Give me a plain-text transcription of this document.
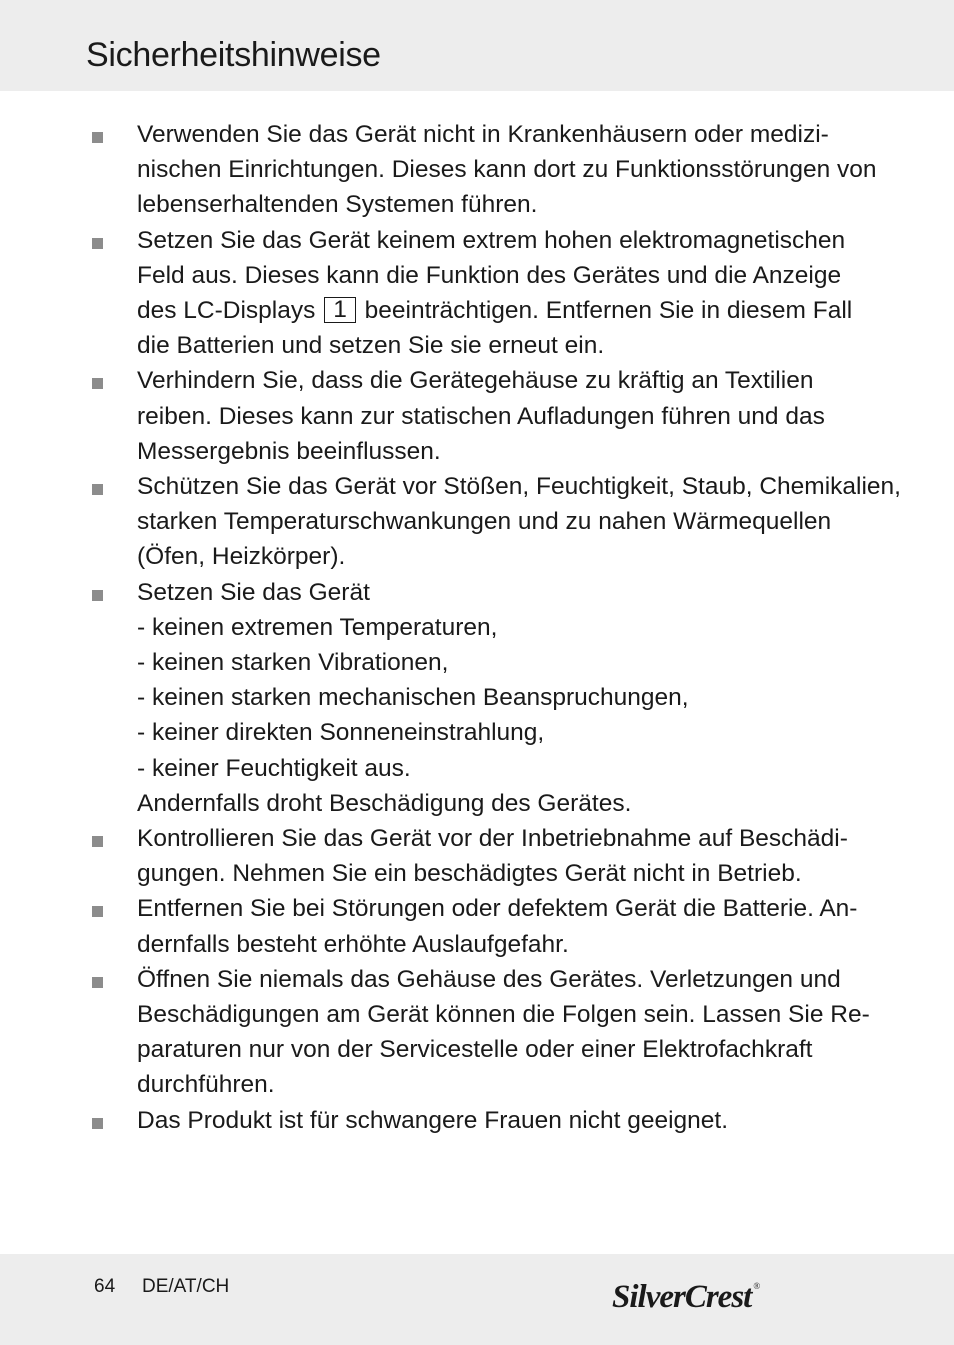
Sicherheitshinweise
Verwenden Sie das Gerät nicht in Krankenhäusern oder medizi-
nischen Einrichtungen. Dieses kann dort zu Funktionsstörungen von
lebenserhaltenden Systemen führen.
Setzen Sie das Gerät keinem extrem hohen elektromagnetischen
Feld aus. Dieses kann die Funktion des Gerätes und die Anzeige
des LC-Displays 1 beeinträchtigen. Entfernen Sie in diesem Fall
die Batterien und setzen Sie sie erneut ein.
Verhindern Sie, dass die Gerätegehäuse zu kräftig an Textilien
reiben. Dieses kann zur statischen Aufladungen führen und das
Messergebnis beeinflussen.
Schützen Sie das Gerät vor Stößen, Feuchtigkeit, Staub, Chemikalien,
starken Temperaturschwankungen und zu nahen Wärmequellen
(Öfen, Heizkörper).
Setzen Sie das Gerät
- keinen extremen Temperaturen,
- keinen starken Vibrationen,
- keinen starken mechanischen Beanspruchungen,
- keiner direkten Sonneneinstrahlung,
- keiner Feuchtigkeit aus.
Andernfalls droht Beschädigung des Gerätes.
Kontrollieren Sie das Gerät vor der Inbetriebnahme auf Beschädi-
gungen. Nehmen Sie ein beschädigtes Gerät nicht in Betrieb.
Entfernen Sie bei Störungen oder defektem Gerät die Batterie. An-
dernfalls besteht erhöhte Auslaufgefahr.
Öffnen Sie niemals das Gehäuse des Gerätes. Verletzungen und
Beschädigungen am Gerät können die Folgen sein. Lassen Sie Re-
paraturen nur von der Servicestelle oder einer Elektrofachkraft
durchführen.
Das Produkt ist für schwangere Frauen nicht geeignet.
64 DE/AT/CH	SilverCrest ®
